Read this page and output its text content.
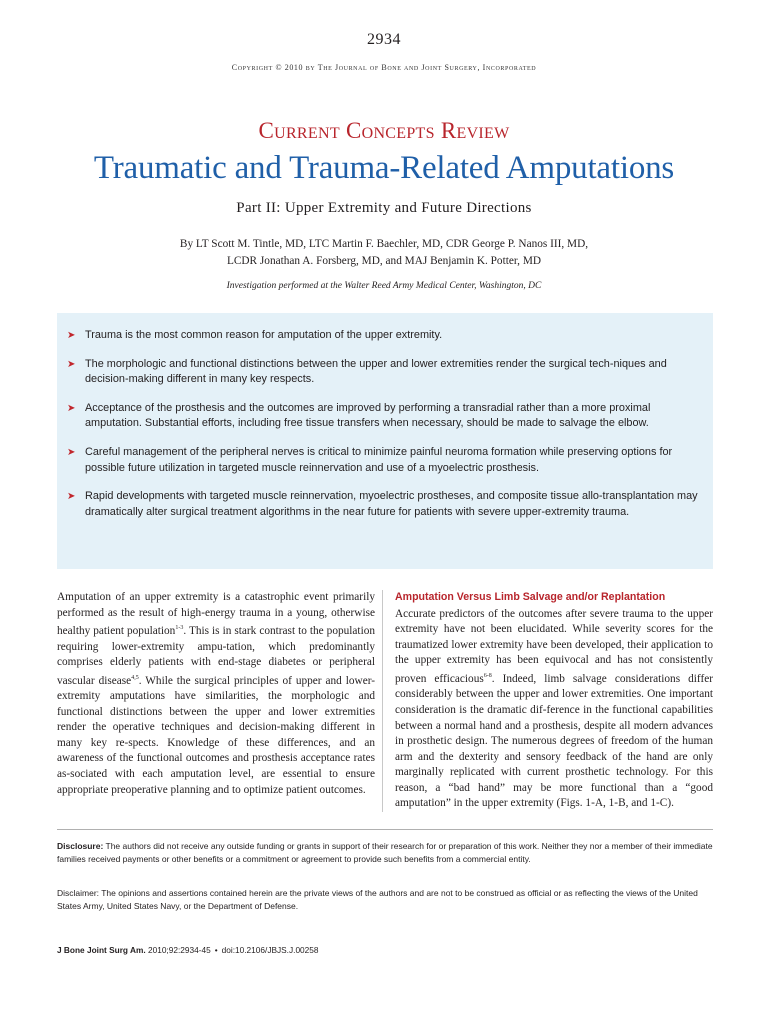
2934
Copyright © 2010 by The Journal of Bone and Joint Surgery, Incorporated
Current Concepts Review
Traumatic and Trauma-Related Amputations
Part II: Upper Extremity and Future Directions
By LT Scott M. Tintle, MD, LTC Martin F. Baechler, MD, CDR George P. Nanos III, MD,
LCDR Jonathan A. Forsberg, MD, and MAJ Benjamin K. Potter, MD
Investigation performed at the Walter Reed Army Medical Center, Washington, DC
➤ Trauma is the most common reason for amputation of the upper extremity.
➤ The morphologic and functional distinctions between the upper and lower extremities render the surgical tech-niques and decision-making different in many key respects.
➤ Acceptance of the prosthesis and the outcomes are improved by performing a transradial rather than a more proximal amputation. Substantial efforts, including free tissue transfers when necessary, should be made to salvage the elbow.
➤ Careful management of the peripheral nerves is critical to minimize painful neuroma formation while preserving options for possible future utilization in targeted muscle reinnervation and use of a myoelectric prosthesis.
➤ Rapid developments with targeted muscle reinnervation, myoelectric prostheses, and composite tissue allo-transplantation may dramatically alter surgical treatment algorithms in the near future for patients with severe upper-extremity trauma.
Amputation of an upper extremity is a catastrophic event primarily performed as the result of high-energy trauma in a young, otherwise healthy patient population$^{1-3}$. This is in stark contrast to the population requiring lower-extremity ampu-tation, which predominantly comprises elderly patients with end-stage diabetes or peripheral vascular disease$^{4,5}$. While the surgical principles of upper and lower-extremity amputations have similarities, the morphologic and functional distinctions between the upper and lower extremities render the operative techniques and decision-making different in many key re-spects. Knowledge of these differences, and an awareness of the functional outcomes and prosthesis acceptance rates as-sociated with each amputation level, are essential to ensure appropriate preoperative planning and to optimize patient outcomes.
Amputation Versus Limb Salvage and/or Replantation
Accurate predictors of the outcomes after severe trauma to the upper extremity have not been elucidated. While severity scores for the traumatized lower extremity have been developed, their application to the upper extremity has been equivocal and has not consistently proven efficacious$^{6-8}$. Indeed, limb salvage considerations differ considerably between the upper and lower extremities. One important consideration is the dramatic dif-ference in the functional capabilities between a normal hand and a prosthesis, despite all modern advances in prosthetic design. The numerous degrees of freedom of the human arm and the dexterity and sensory feedback of the hand are only marginally replicated with current prosthetic technology. For this reason, a “bad hand” may be more functional than a “good amputation” in the upper extremity (Figs. 1-A, 1-B, and 1-C).
Disclosure: The authors did not receive any outside funding or grants in support of their research for or preparation of this work. Neither they nor a member of their immediate families received payments or other benefits or a commitment or agreement to provide such benefits from a commercial entity.
Disclaimer: The opinions and assertions contained herein are the private views of the authors and are not to be construed as official or as reflecting the views of the United States Army, United States Navy, or the Department of Defense.
J Bone Joint Surg Am. 2010;92:2934-45 • doi:10.2106/JBJS.J.00258
